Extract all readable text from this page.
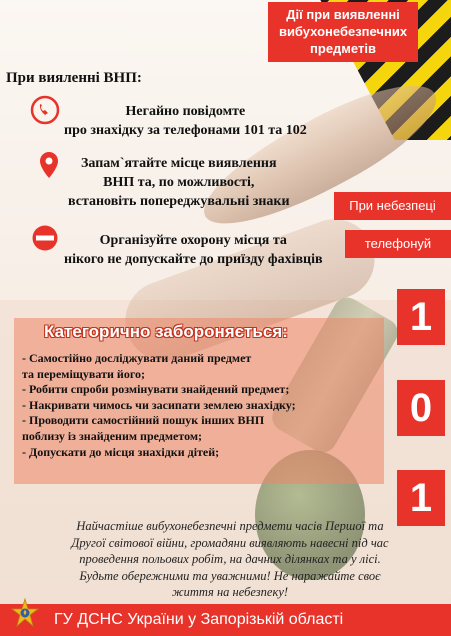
Дії при виявленні
вибухонебезпечних
предметів
При вияленні ВНП:
Негайно повідомте
про знахідку за телефонами 101 та 102
Запам`ятайте місце виявлення
ВНП та, по можливості,
встановіть попереджувальні знаки
Організуйте охорону місця та
нікого не допускайте до приїзду фахівців
При небезпеці
телефонуй
1
0
1
Категорично забороняється:
- Самостійно досліджувати даний предмет
та переміщувати його;
- Робити спроби розмінувати знайдений предмет;
- Накривати чимось чи засипати землею знахідку;
- Проводити самостійний пошук інших ВНП
поблизу із знайденим предметом;
- Допускати до місця знахідки дітей;
Найчастіше вибухонебезпечні предмети часів Першої та
Другої світової війни, громадяни виявляють навесні під час
проведення польових робіт, на дачних ділянках та у лісі.
Будьте обережними та уважними! Не наражайте своє
життя на небезпеку!
ГУ ДСНС України у Запорізькій області
